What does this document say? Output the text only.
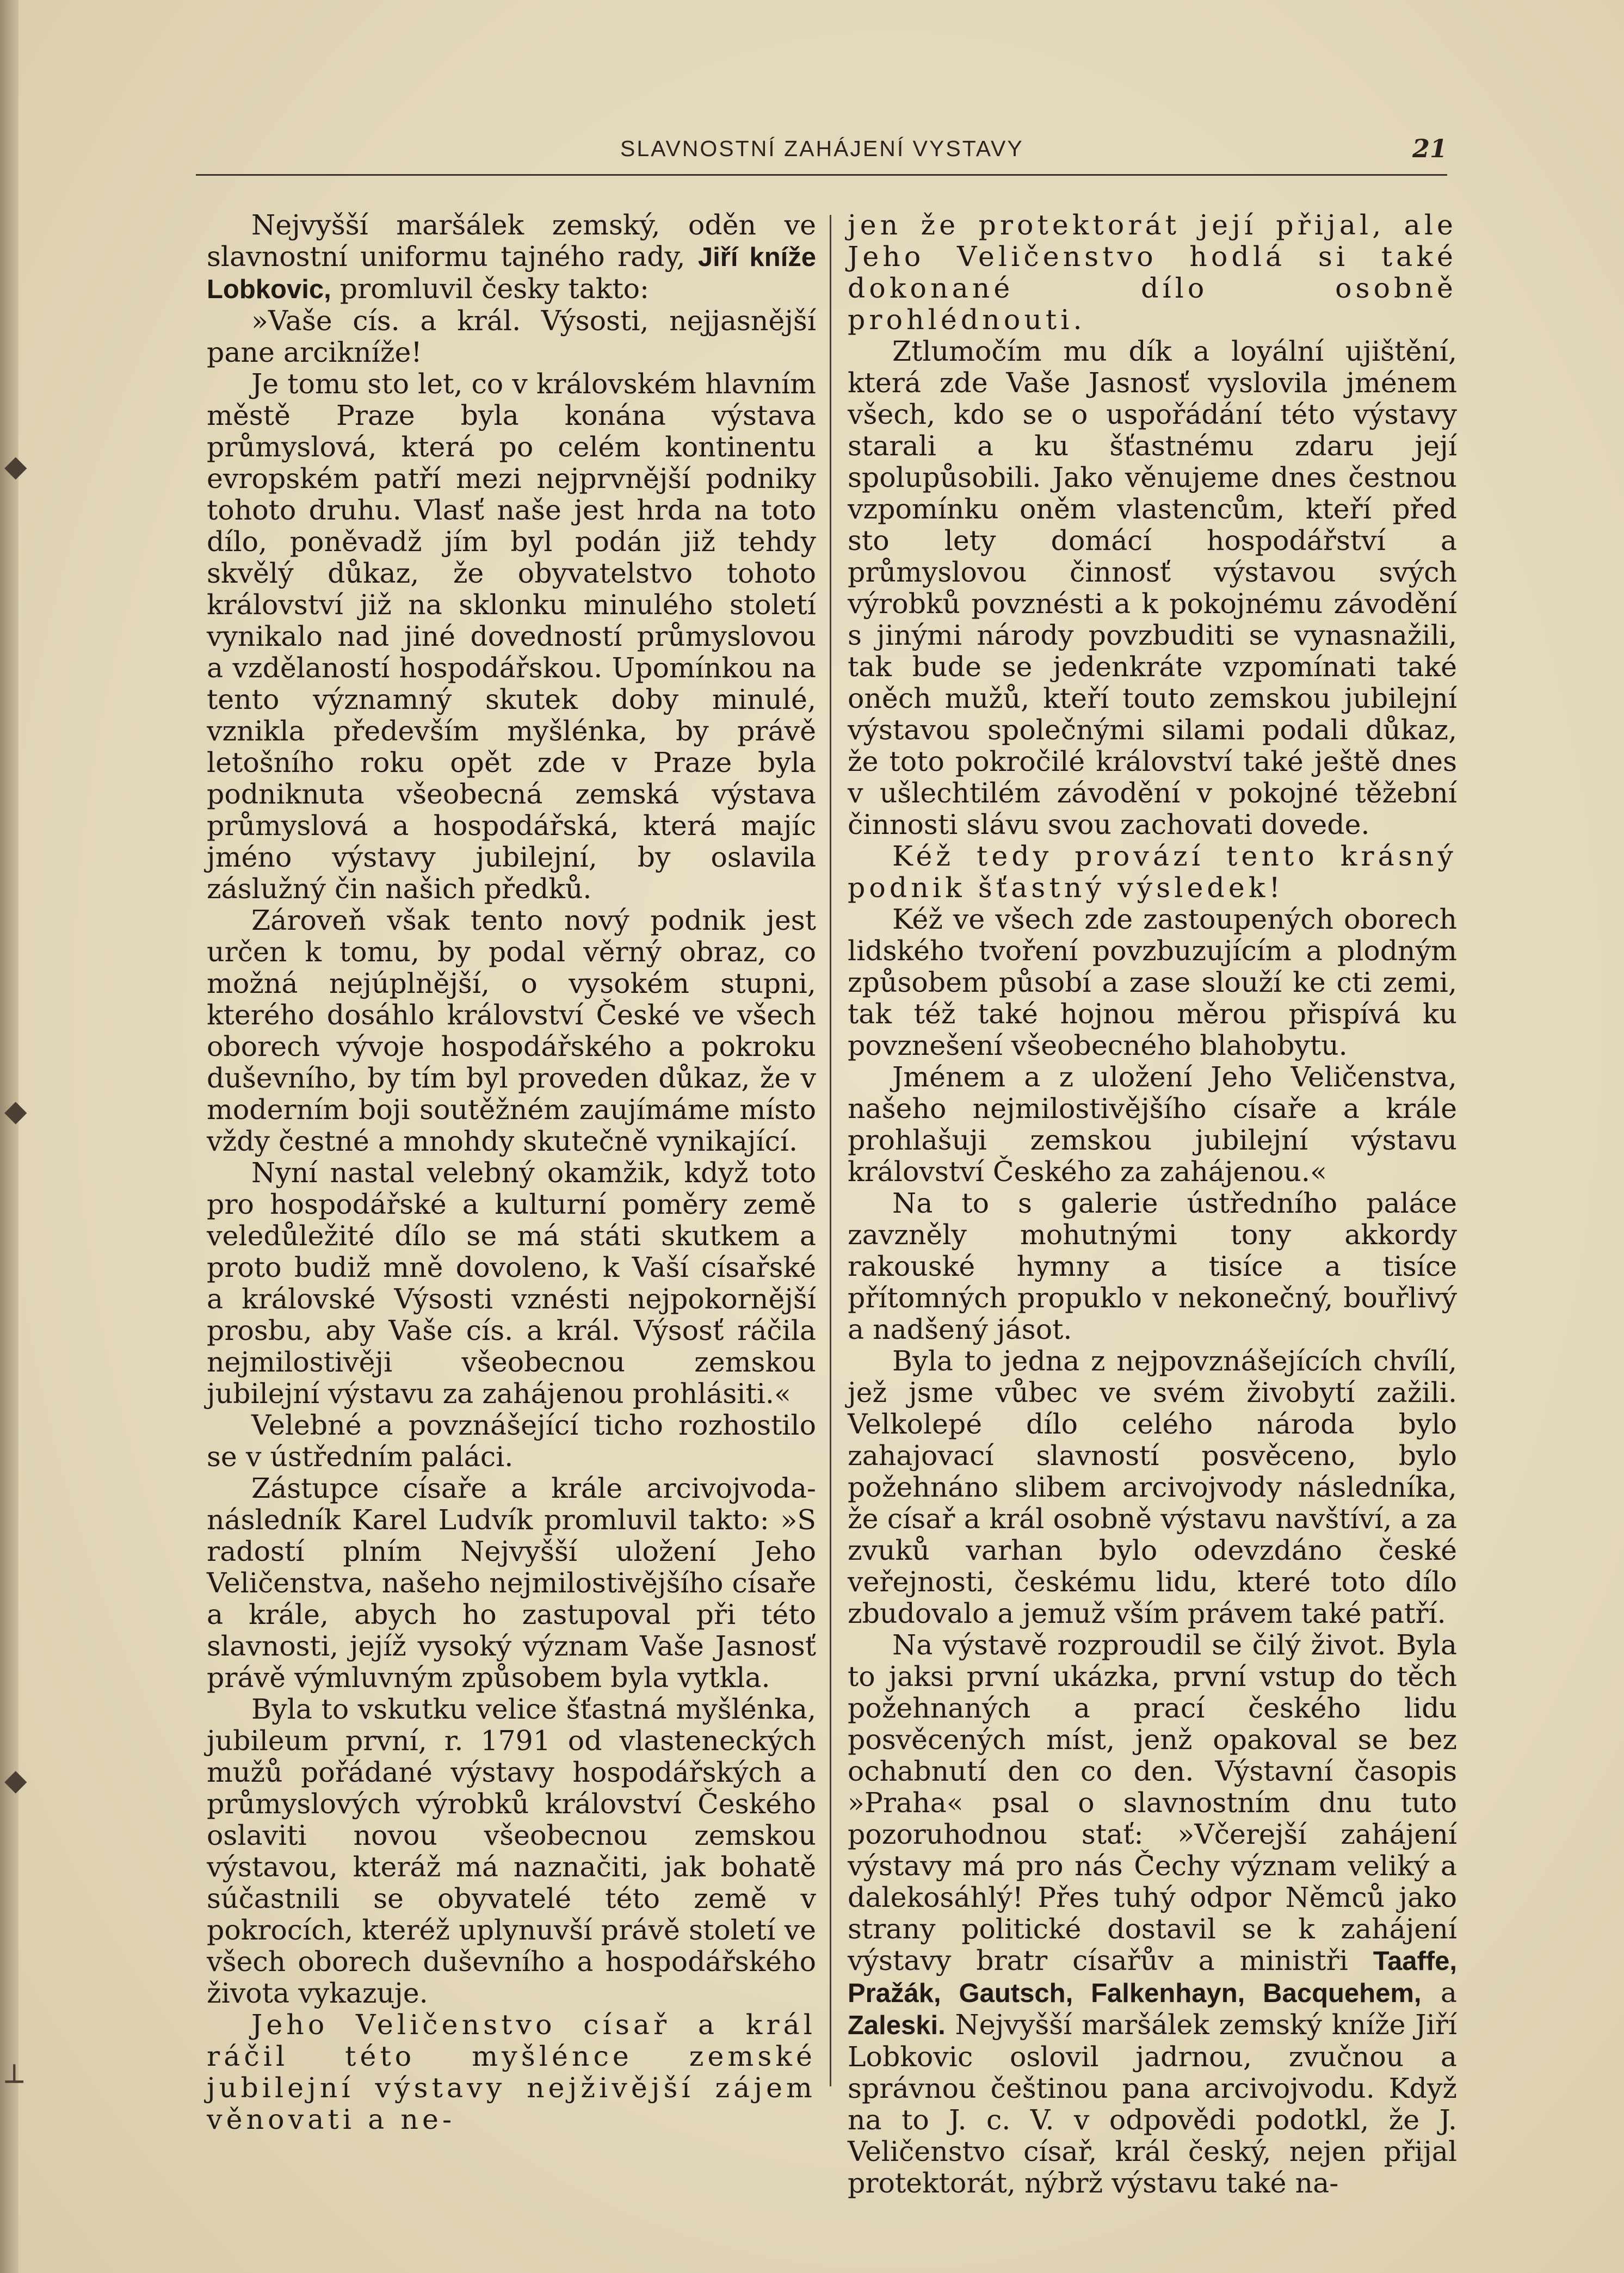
SLAVNOSTNÍ ZAHÁJENÍ VYSTAVY	21
◆
◆
◆
┴

Nejvyšší maršálek zemský, oděn ve slavnostní uniformu tajného rady, Jiří kníže Lobkovic, promluvil česky takto:

»Vaše cís. a král. Výsosti, nejjasnější pane arcikníže!

Je tomu sto let, co v královském hlavním městě Praze byla konána výstava průmyslová, která po celém kontinentu evropském patří mezi nejprvnější podniky tohoto druhu. Vlasť naše jest hrda na toto dílo, poněvadž jím byl podán již tehdy skvělý důkaz, že obyvatelstvo tohoto království již na sklonku minulého století vynikalo nad jiné dovedností průmyslovou a vzdělaností hospodářskou. Upomínkou na tento významný skutek doby minulé, vznikla především myšlénka, by právě letošního roku opět zde v Praze byla podniknuta všeobecná zemská výstava průmyslová a hospodářská, která majíc jméno výstavy jubilejní, by oslavila záslužný čin našich předků.

Zároveň však tento nový podnik jest určen k tomu, by podal věrný obraz, co možná nejúplnější, o vysokém stupni, kterého dosáhlo království České ve všech oborech vývoje hospodářského a pokroku duševního, by tím byl proveden důkaz, že v moderním boji soutěžném zaujímáme místo vždy čestné a mnohdy skutečně vynikající.

Nyní nastal velebný okamžik, když toto pro hospodářské a kulturní poměry země veledůležité dílo se má státi skutkem a proto budiž mně dovoleno, k Vaší císařské a královské Výsosti vznésti nejpokornější prosbu, aby Vaše cís. a král. Výsosť ráčila nejmilostivěji všeobecnou zemskou jubilejní výstavu za zahájenou prohlásiti.«

Velebné a povznášející ticho rozhostilo se v ústředním paláci.

Zástupce císaře a krále arcivojvoda-následník Karel Ludvík promluvil takto: »S radostí plním Nejvyšší uložení Jeho Veličenstva, našeho nejmilostivějšího císaře a krále, abych ho zastupoval při této slavnosti, jejíž vysoký význam Vaše Jasnosť právě výmluvným způsobem byla vytkla.

Byla to vskutku velice šťastná myšlénka, jubileum první, r. 1791 od vlasteneckých mužů pořádané výstavy hospodářských a průmyslových výrobků království Českého oslaviti novou všeobecnou zemskou výstavou, kteráž má naznačiti, jak bohatě súčastnili se obyvatelé této země v pokrocích, kteréž uplynuvší právě století ve všech oborech duševního a hospodářského života vykazuje.

Jeho Veličenstvo císař a král ráčil této myšlénce zemské jubilejní výstavy nejživější zájem věnovati a ne-

jen že protektorát její přijal, ale Jeho Veličenstvo hodlá si také dokonané dílo osobně prohlédnouti.

Ztlumočím mu dík a loyální ujištění, která zde Vaše Jasnosť vyslovila jménem všech, kdo se o uspořádání této výstavy starali a ku šťastnému zdaru její spolupůsobili. Jako věnujeme dnes čestnou vzpomínku oněm vlastencům, kteří před sto lety domácí hospodářství a průmyslovou činnosť výstavou svých výrobků povznésti a k pokojnému závodění s jinými národy povzbuditi se vynasnažili, tak bude se jedenkráte vzpomínati také oněch mužů, kteří touto zemskou jubilejní výstavou společnými silami podali důkaz, že toto pokročilé království také ještě dnes v ušlechtilém závodění v pokojné těžební činnosti slávu svou zachovati dovede.

Kéž tedy provází tento krásný podnik šťastný výsledek!

Kéž ve všech zde zastoupených oborech lidského tvoření povzbuzujícím a plodným způsobem působí a zase slouží ke cti zemi, tak též také hojnou měrou přispívá ku povznešení všeobecného blahobytu.

Jménem a z uložení Jeho Veličenstva, našeho nejmilostivějšího císaře a krále prohlašuji zemskou jubilejní výstavu království Českého za zahájenou.«

Na to s galerie ústředního paláce zavzněly mohutnými tony akkordy rakouské hymny a tisíce a tisíce přítomných propuklo v nekonečný, bouřlivý a nadšený jásot.

Byla to jedna z nejpovznášejících chvílí, jež jsme vůbec ve svém živobytí zažili. Velkolepé dílo celého národa bylo zahajovací slavností posvěceno, bylo požehnáno slibem arcivojvody následníka, že císař a král osobně výstavu navštíví, a za zvuků varhan bylo odevzdáno české veřejnosti, českému lidu, které toto dílo zbudovalo a jemuž vším právem také patří.

Na výstavě rozproudil se čilý život. Byla to jaksi první ukázka, první vstup do těch požehnaných a prací českého lidu posvěcených míst, jenž opakoval se bez ochabnutí den co den. Výstavní časopis »Praha« psal o slavnostním dnu tuto pozoruhodnou stať: »Včerejší zahájení výstavy má pro nás Čechy význam veliký a dalekosáhlý! Přes tuhý odpor Němců jako strany politické dostavil se k zahájení výstavy bratr císařův a ministři Taaffe, Pražák, Gautsch, Falkenhayn, Bacquehem, a Zaleski. Nejvyšší maršálek zemský kníže Jiří Lobkovic oslovil jadrnou, zvučnou a správnou češtinou pana arcivojvodu. Když na to J. c. V. v odpovědi podotkl, že J. Veličenstvo císař, král český, nejen přijal protektorát, nýbrž výstavu také na-
